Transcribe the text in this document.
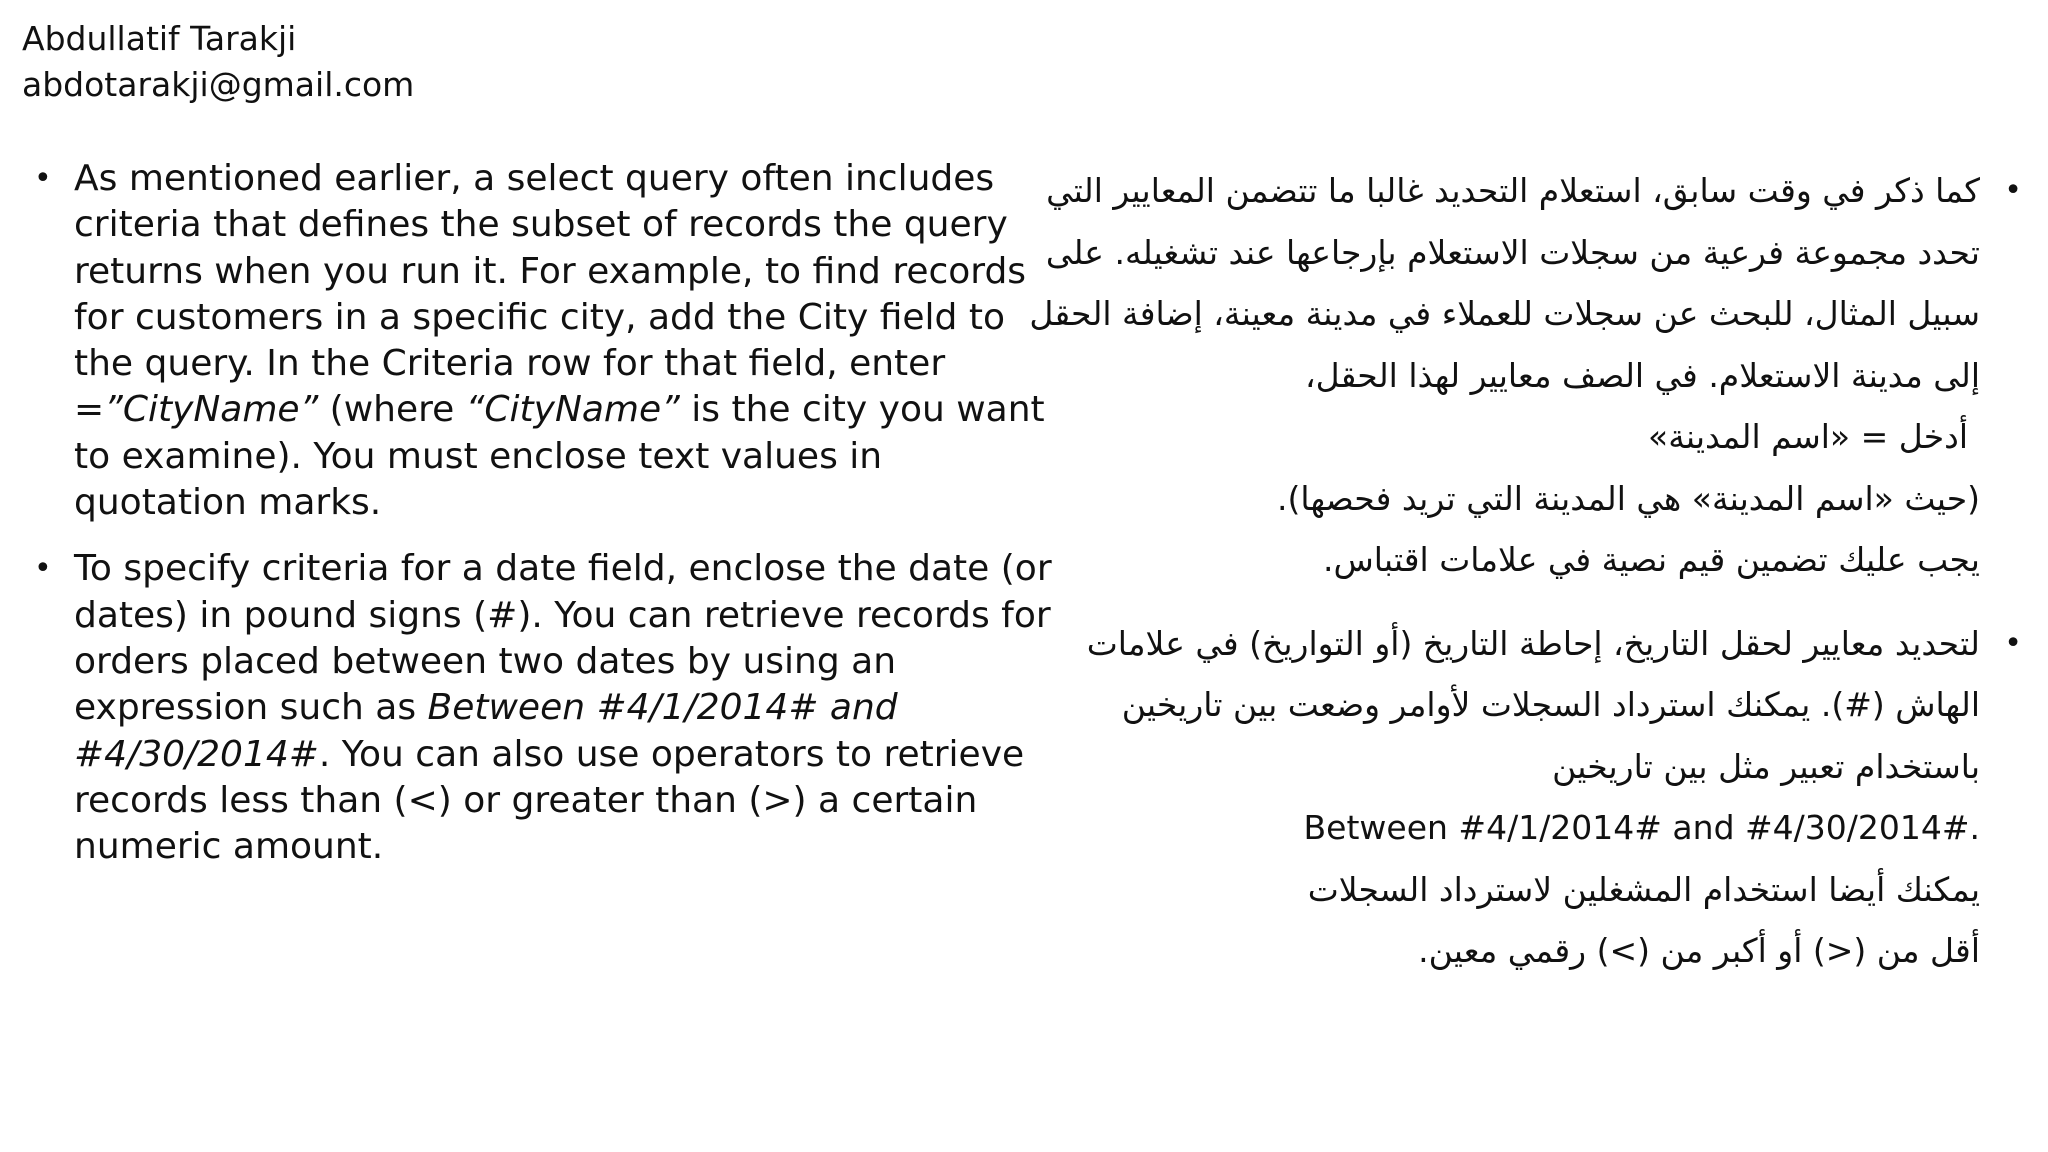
Abdullatif Tarakji
abdotarakji@gmail.com
• As mentioned earlier, a select query often includes
criteria that defines the subset of records the query
returns when you run it. For example, to find records
for customers in a specific city, add the City field to
the query. In the Criteria row for that field, enter
=”CityName” (where “CityName” is the city you want
to examine). You must enclose text values in
quotation marks.
• To specify criteria for a date field, enclose the date (or
dates) in pound signs (#). You can retrieve records for
orders placed between two dates by using an
expression such as Between #4/1/2014# and
#4/30/2014#. You can also use operators to retrieve
records less than (<) or greater than (>) a certain
numeric amount.
•
كما ذكر في وقت سابق، استعلام التحديد غالبا ما تتضمن المعايير التي
تحدد مجموعة فرعية من سجلات الاستعلام بإرجاعها عند تشغيله. على
سبيل المثال، للبحث عن سجلات للعملاء في مدينة معينة، إضافة الحقل
إلى مدينة الاستعلام. في الصف معايير لهذا الحقل،
أدخل = «اسم المدينة»
(حيث «اسم المدينة» هي المدينة التي تريد فحصها).
يجب عليك تضمين قيم نصية في علامات اقتباس.
•
لتحديد معايير لحقل التاريخ، إحاطة التاريخ (أو التواريخ) في علامات
الهاش (#). يمكنك استرداد السجلات لأوامر وضعت بين تاريخين
باستخدام تعبير مثل بين تاريخين
Between #4/1/2014# and #4/30/2014#.
يمكنك أيضا استخدام المشغلين لاسترداد السجلات
أقل من (<) أو أكبر من (>) رقمي معين.
